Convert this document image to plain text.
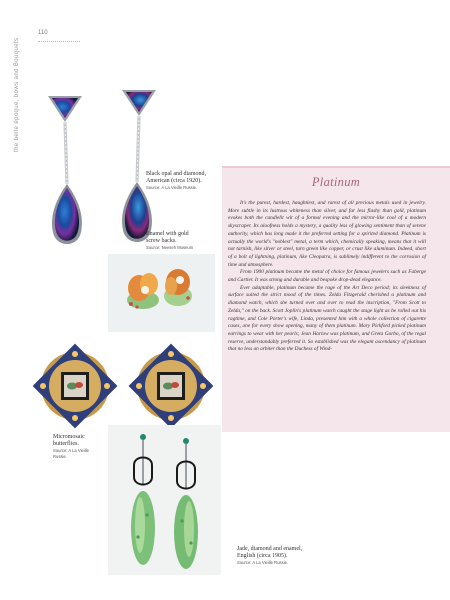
110
the belle époque, bows and Bouquets
Black opal and diamond,
American (circa 1920).
Source: A La Vieille Russie.
Enamel with gold
screw backs.
Source: Neeseh Museum
Micromosaic
butterflies.
Source: A La Vieille
Russie
Jade, diamond and enamel,
English (circa 1905).
Source: A La Vieille Russie.
Platinum

It's the purest, hardest, haughtiest, and rarest of all precious metals used in jewelry. More subtle in its lustrous whiteness than silver, and far less flashy than gold, platinum evokes both the candlelit wit of a formal evening and the mirror-like cool of a modern skyscraper. Its aloofness holds a mystery, a quality less of glowing sentiment than of serene authority, which has long made it the preferred setting for a spirited diamond. Platinum is actually the world's "noblest" metal, a term which, chemically speaking, means that it will not tarnish, like silver or steel, turn green like copper, or crust like aluminum. Indeed, short of a bolt of lightning, platinum, like Cleopatra, is sublimely indifferent to the corrosion of time and atmosphere.

From 1900 platinum became the metal of choice for famous jewelers such as Faberge and Cartier. It was strong and durable and bespoke drop-dead elegance.

Ever adaptable, platinum became the rage of the Art Deco period; its sleekness of surface suited the strict mood of the times. Zelda Fitzgerald cherished a platinum and diamond watch, which she turned over and over to read the inscription, "From Scott to Zelda," on the back. Scott Joplin's platinum watch caught the stage light as he rolled out his ragtime, and Cole Porter's wife, Linda, presented him with a whole collection of cigarette cases, one for every show opening, many of them platinum. Mary Pickford picked platinum earrings to wear with her pearls; Jean Harlow was platinum, and Greta Garbo, of the regal reserve, understandably preferred it. So established was the elegant ascendancy of platinum that no less an arbiter than the Duchess of Wind-
